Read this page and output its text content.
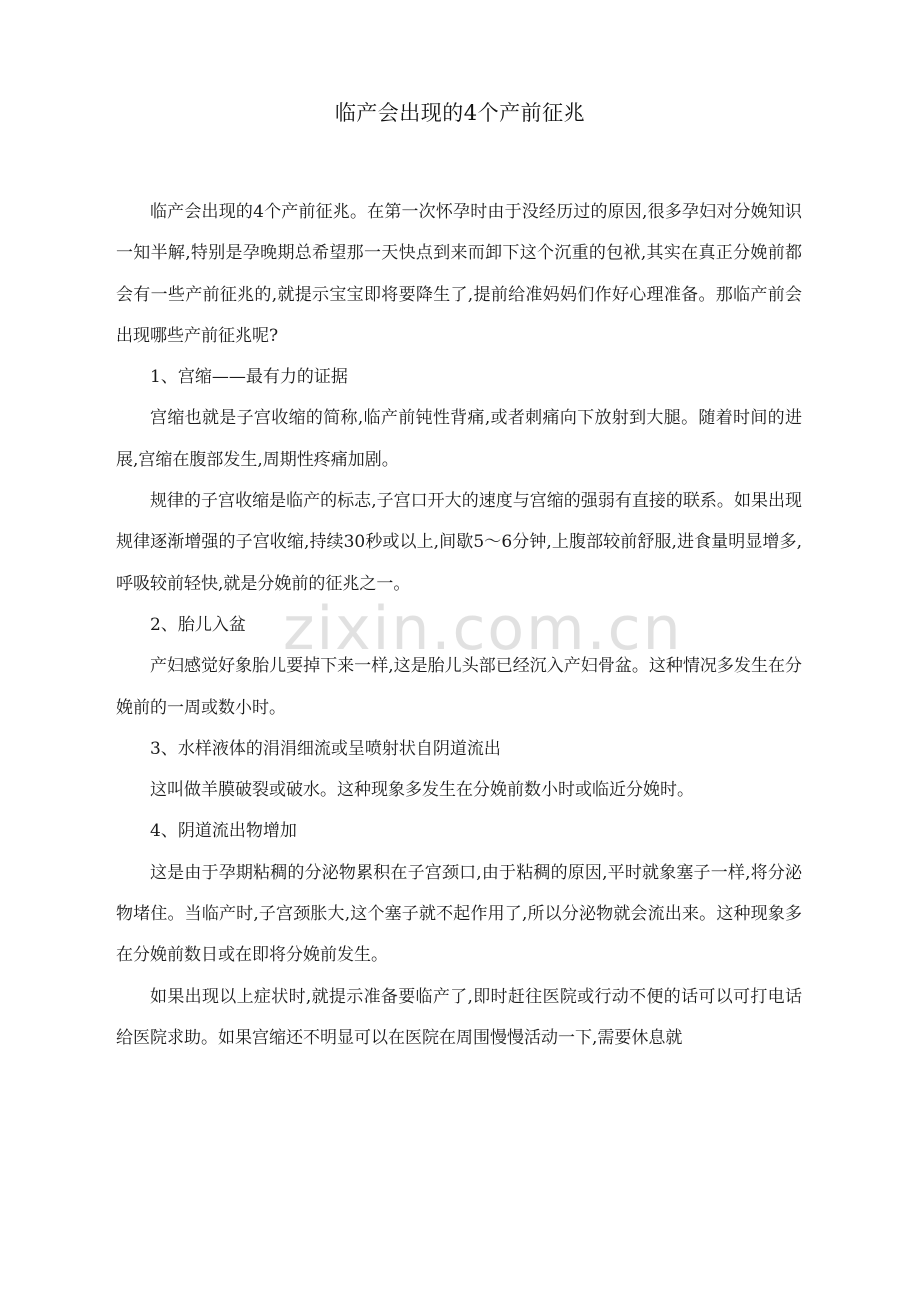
临产会出现的4个产前征兆

临产会出现的4个产前征兆。在第一次怀孕时由于没经历过的原因,很多孕妇对分娩知识一知半解,特别是孕晚期总希望那一天快点到来而卸下这个沉重的包袱,其实在真正分娩前都会有一些产前征兆的,就提示宝宝即将要降生了,提前给准妈妈们作好心理准备。那临产前会出现哪些产前征兆呢?

1、宫缩——最有力的证据

宫缩也就是子宫收缩的简称,临产前钝性背痛,或者刺痛向下放射到大腿。随着时间的进展,宫缩在腹部发生,周期性疼痛加剧。

规律的子宫收缩是临产的标志,子宫口开大的速度与宫缩的强弱有直接的联系。如果出现规律逐渐增强的子宫收缩,持续30秒或以上,间歇5～6分钟,上腹部较前舒服,进食量明显增多,呼吸较前轻快,就是分娩前的征兆之一。

2、胎儿入盆

产妇感觉好象胎儿要掉下来一样,这是胎儿头部已经沉入产妇骨盆。这种情况多发生在分娩前的一周或数小时。

3、水样液体的涓涓细流或呈喷射状自阴道流出

这叫做羊膜破裂或破水。这种现象多发生在分娩前数小时或临近分娩时。

4、阴道流出物增加

这是由于孕期粘稠的分泌物累积在子宫颈口,由于粘稠的原因,平时就象塞子一样,将分泌物堵住。当临产时,子宫颈胀大,这个塞子就不起作用了,所以分泌物就会流出来。这种现象多在分娩前数日或在即将分娩前发生。

如果出现以上症状时,就提示准备要临产了,即时赶往医院或行动不便的话可以可打电话给医院求助。如果宫缩还不明显可以在医院在周围慢慢活动一下,需要休息就

zixin.com.cn
